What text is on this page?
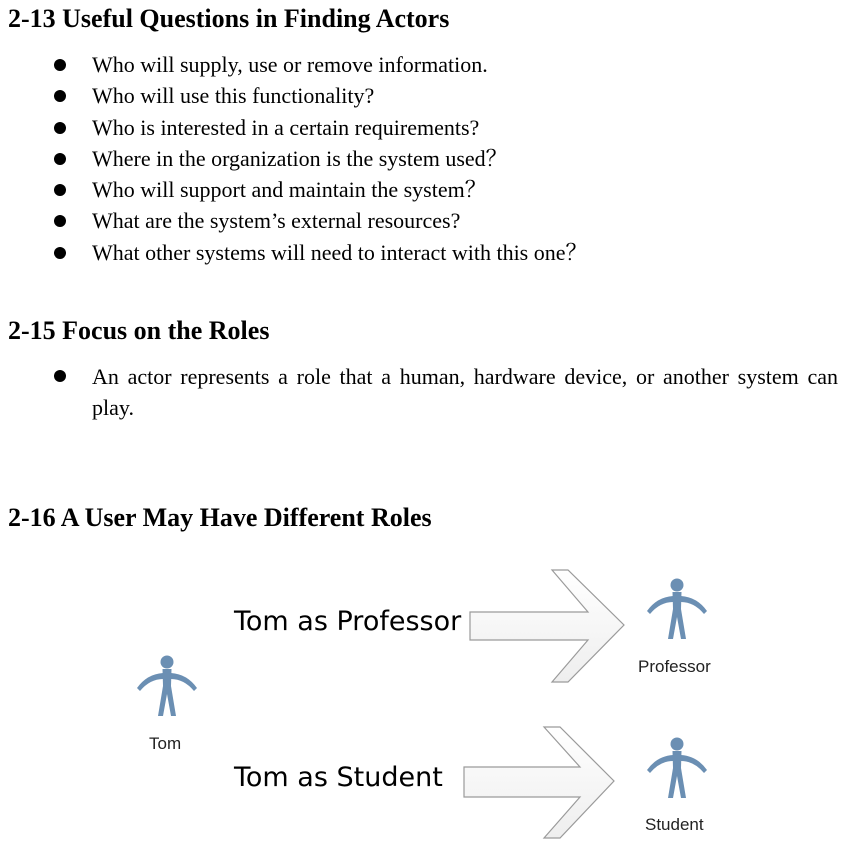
2-13 Useful Questions in Finding Actors
Who will supply, use or remove information.
Who will use this functionality?
Who is interested in a certain requirements?
Where in the organization is the system used？
Who will support and maintain the system？
What are the system’s external resources?
What other systems will need to interact with this one？
2-15 Focus on the Roles
An actor represents a role that a human, hardware device, or another system can play.
2-16 A User May Have Different Roles
Tom as Professor
Tom as Student
Tom
Professor
Student
